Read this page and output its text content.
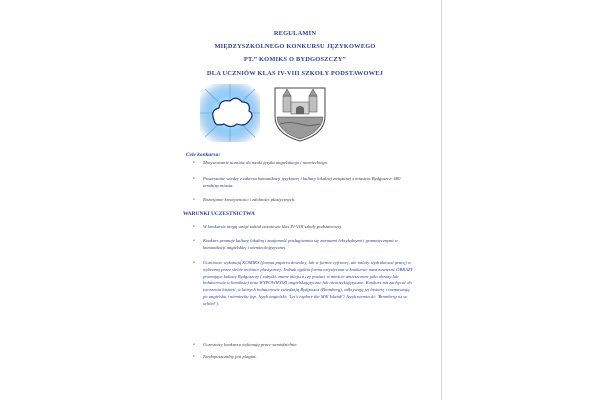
REGULAMIN
MIĘDZYSZKOLNEGO KONKURSU JĘZYKOWEGO
PT.” KOMIKS O BYDGOSZCZY”
DLA UCZNIÓW KLAS IV-VIII SZKOŁY PODSTAWOWEJ
Cele konkursu:
• Motywowanie uczniów do nauki języka angielskiego i niemieckiego.
• Poszerzanie wiedzy z zakresu komunikacji językowej i kultury lokalnej związanej z miastem Bydgoszcz- 680 urodziny miasta.
• Rozwijanie kreatywności i zdolności plastycznych.
WARUNKI UCZESTNICTWA
• W konkursie mogą wziąć udział uczniowie klas IV-VIII szkoły podstawowej.
• Konkurs promuje kulturę lokalną i znajomość posługiwania się zwrotami leksykalnymi i gramatycznymi w komunikacji angielskiej i niemieckojęzycznej.
• Uczniowie wykonują KOMIKS (format papieru dowolny, lub w formie cyfrowej, ale należy wydrukować pracę) w wybranej przez siebie technice plastycznej. Jednak ogólna forma artystyczna w konkursie musi zawierać OBRAZY promujące kulturę Bydgoszczy ( zabytki, znane miejsca czy postaci w mieście umieszczone jako obrazy lub bohaterowie w komiksie) oraz WYPOWIEDZI angielskojęzyczne lub niemieckojęzyczne. Konkurs ma zachęcać do tworzenia historii, w których bohaterowie zwiedzają Bydgoszcz (Bromberg), odkrywają jej historię i rozmawiają po angielsku i niemiecku (np. Język angielski: 'Let's explore the Mill Island!'/ Język niemiecki: 'Bromberg ist so schön!').
• Uczestnicy konkursu wykonują prace samodzielnie.
• Niedopuszczalny jest plagiat.
